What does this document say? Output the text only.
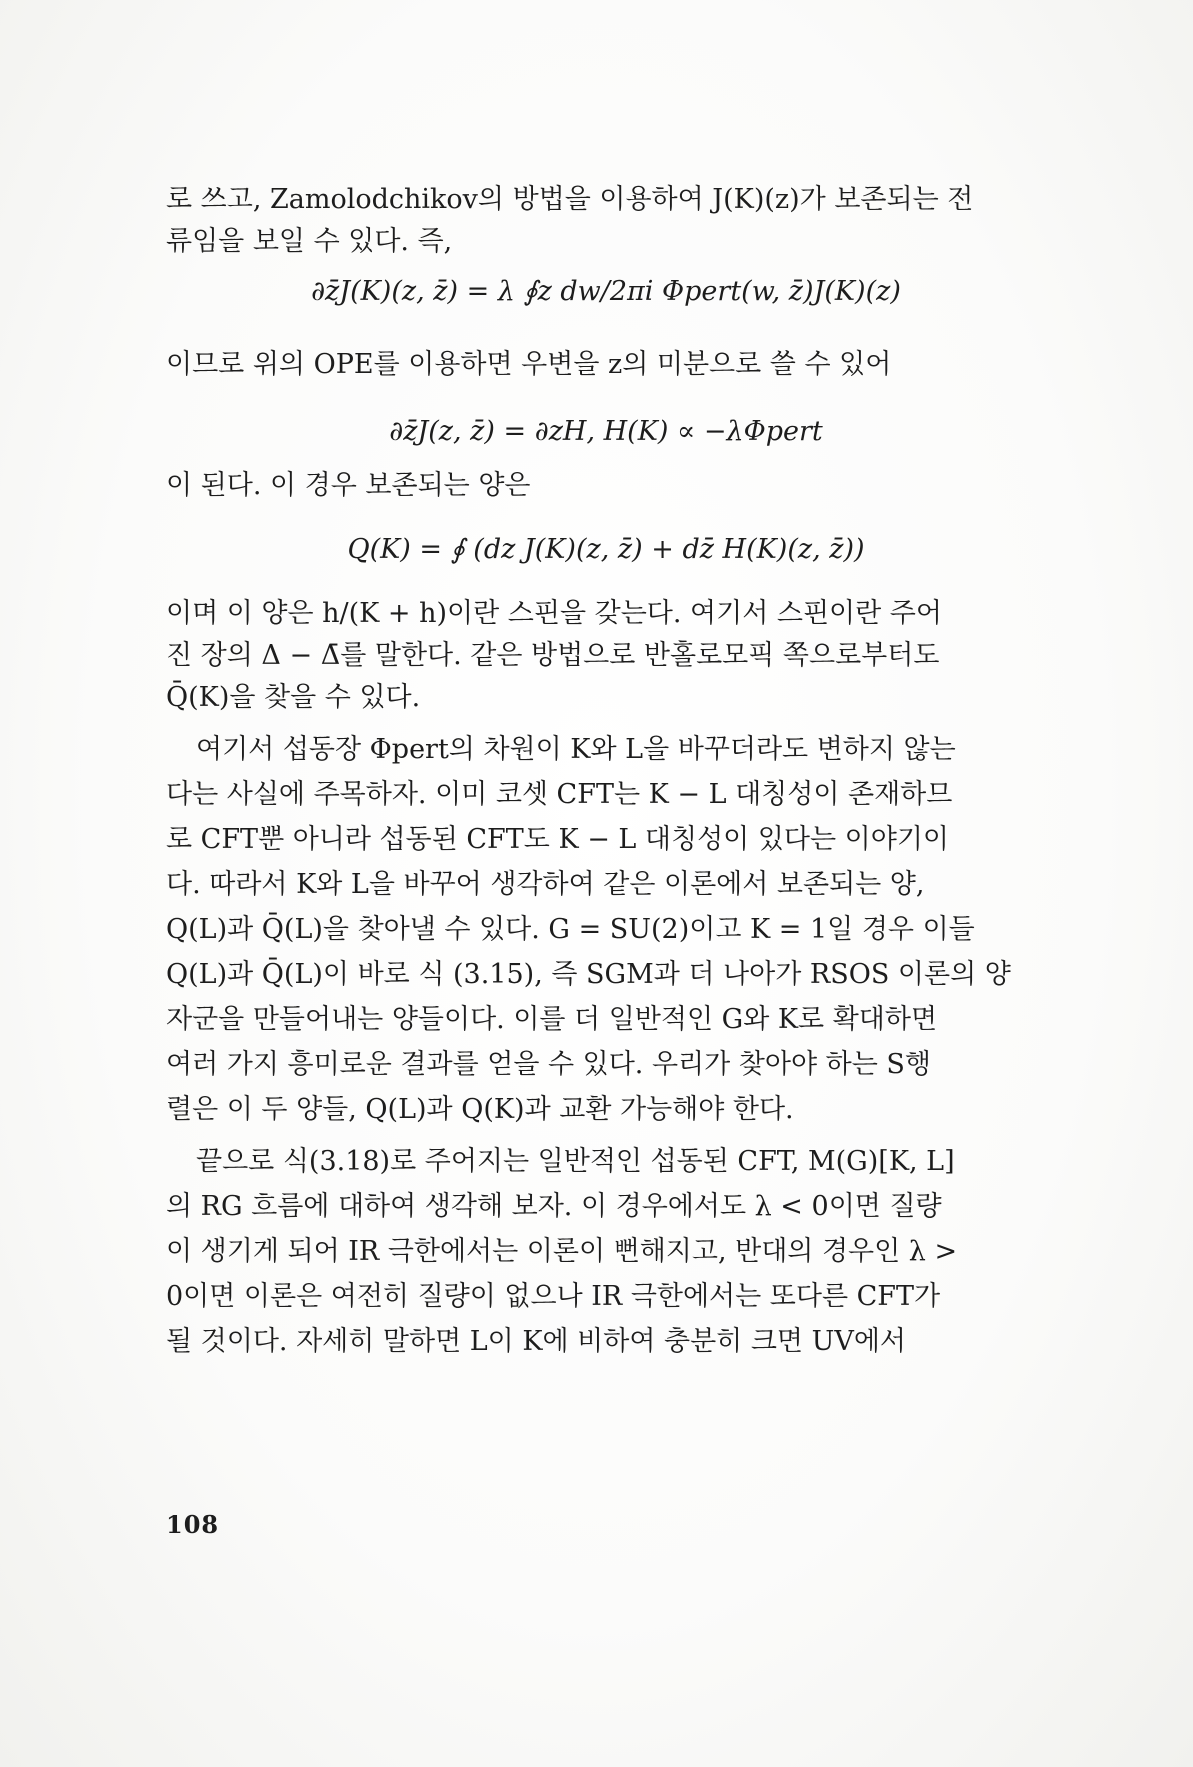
로 쓰고, Zamolodchikov의 방법을 이용하여 J(K)(z)가 보존되는 전
류임을 보일 수 있다. 즉,
∂z̄J(K)(z, z̄) = λ ∮z dw/2πi Φpert(w, z̄)J(K)(z)
이므로 위의 OPE를 이용하면 우변을 z의 미분으로 쓸 수 있어
∂z̄J(z, z̄) = ∂zH, H(K) ∝ −λΦpert
이 된다. 이 경우 보존되는 양은
Q(K) = ∮ (dz J(K)(z, z̄) + dz̄ H(K)(z, z̄))
이며 이 양은 h/(K + h)이란 스핀을 갖는다. 여기서 스핀이란 주어
진 장의 Δ − Δ̄를 말한다. 같은 방법으로 반홀로모픽 쪽으로부터도
Q̄(K)을 찾을 수 있다.
여기서 섭동장 Φpert의 차원이 K와 L을 바꾸더라도 변하지 않는
다는 사실에 주목하자. 이미 코셋 CFT는 K − L 대칭성이 존재하므
로 CFT뿐 아니라 섭동된 CFT도 K − L 대칭성이 있다는 이야기이
다. 따라서 K와 L을 바꾸어 생각하여 같은 이론에서 보존되는 양,
Q(L)과 Q̄(L)을 찾아낼 수 있다. G = SU(2)이고 K = 1일 경우 이들
Q(L)과 Q̄(L)이 바로 식 (3.15), 즉 SGM과 더 나아가 RSOS 이론의 양
자군을 만들어내는 양들이다. 이를 더 일반적인 G와 K로 확대하면
여러 가지 흥미로운 결과를 얻을 수 있다. 우리가 찾아야 하는 S행
렬은 이 두 양들, Q(L)과 Q(K)과 교환 가능해야 한다.
끝으로 식(3.18)로 주어지는 일반적인 섭동된 CFT, M(G)[K, L]
의 RG 흐름에 대하여 생각해 보자. 이 경우에서도 λ < 0이면 질량
이 생기게 되어 IR 극한에서는 이론이 뻔해지고, 반대의 경우인 λ >
0이면 이론은 여전히 질량이 없으나 IR 극한에서는 또다른 CFT가
될 것이다. 자세히 말하면 L이 K에 비하여 충분히 크면 UV에서
108
